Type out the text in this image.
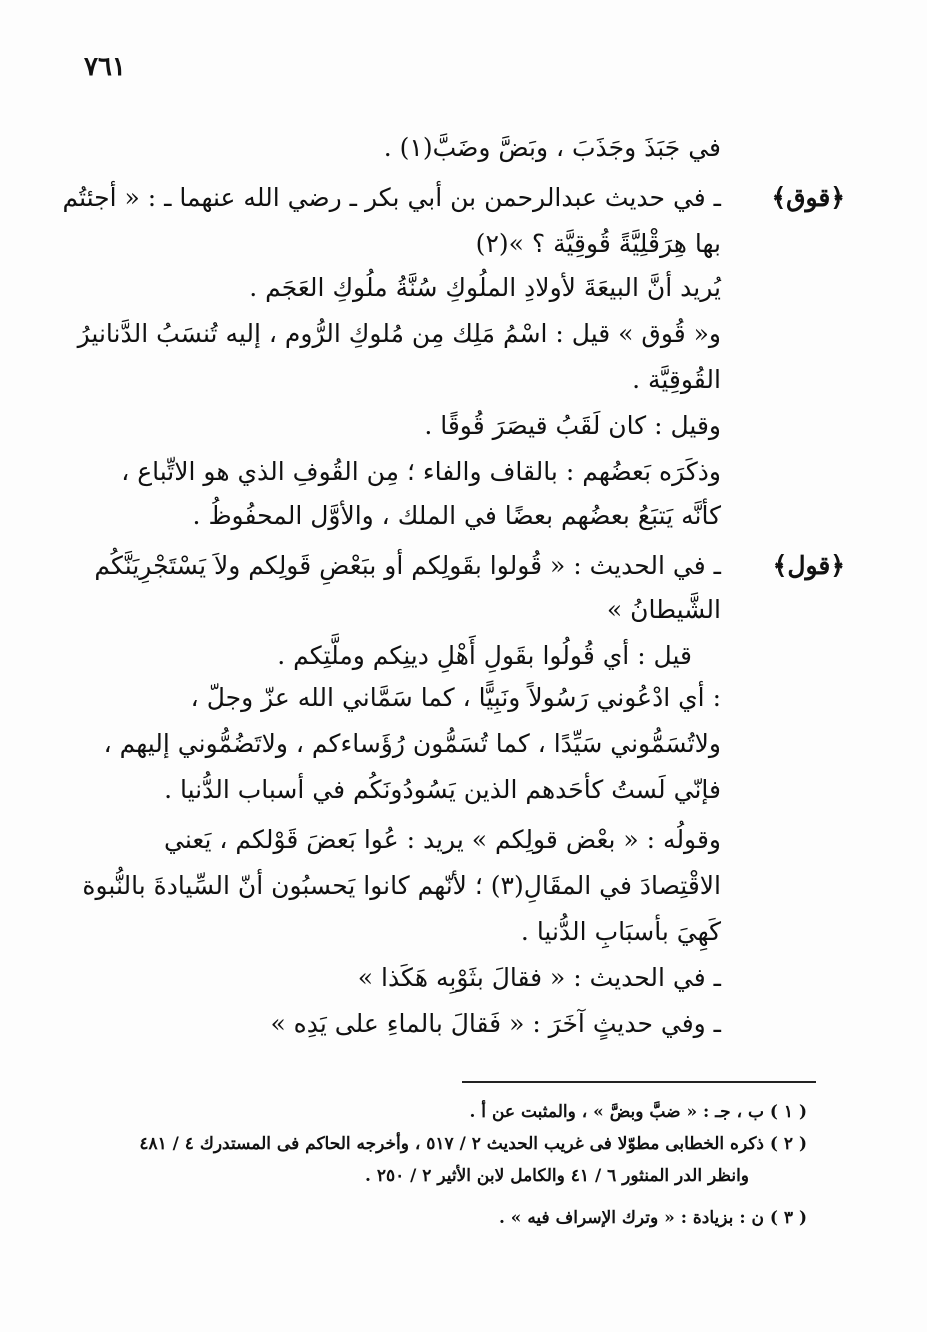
٧٦١
﴿قوق﴾
﴿قول﴾
في جَبَذَ وجَذَبَ ، وبَضَّ وضَبَّ(١) .
ـ في حديث عبدالرحمن بن أبي بكر ـ رضي الله عنهما ـ : « أجئتُم
بها هِرَقْلِيَّةً قُوقِيَّة ؟ »(٢)
يُريد أنَّ البيعَةَ لأولادِ الملُوكِ سُنَّةُ ملُوكِ العَجَم .
و« قُوق » قيل : اسْمُ مَلِك مِن مُلوكِ الرُّوم ، إليه تُنسَبُ الدَّنانيرُ
القُوقِيَّة .
وقيل : كان لَقَبُ قيصَرَ قُوقًا .
وذكَرَه بَعضُهم : بالقاف والفاء ؛ مِن القُوفِ الذي هو الاتِّباع ،
كأنَّه يَتبَعُ بعضُهم بعضًا في الملك ، والأوَّل المحفُوظُ .
ـ في الحديث : « قُولوا بقَولِكم أو ببَعْضِ قَولِكم ولاَ يَسْتَجْرِيَنَّكُم
الشَّيطانُ »
قيل : أي قُولُوا بقَولِ أَهْلِ دينِكم وملَّتِكم .
: أي ادْعُوني رَسُولاً ونَبِيًّا ، كما سَمَّاني الله عزّ وجلّ ،
ولاتُسَمُّوني سَيِّدًا ، كما تُسَمُّون رُؤَساءكم ، ولاتَضُمُّوني إليهم ،
فإنّي لَستُ كأحَدهم الذين يَسُودُونَكُم في أسباب الدُّنيا .
وقولُه : « بعْض قولِكم » يريد : عُوا بَعضَ قَوْلكم ، يَعني
الاقْتِصادَ في المقَالِ(٣) ؛ لأنّهم كانوا يَحسبُون أنّ السِّيادةَ بالنُّبوة
كَهِيَ بأسبَابِ الدُّنيا .
ـ في الحديث : « فقالَ بثَوْبِه هَكَذا »
ـ وفي حديثٍ آخَرَ : « فَقالَ بالماءِ على يَدِه »
( ١ ) ب ، جـ : « ضبَّ وبضَّ » ، والمثبت عن أ .
( ٢ ) ذكره الخطابى مطوّلا فى غريب الحديث ٢ / ٥١٧ ، وأخرجه الحاكم فى المستدرك ٤ / ٤٨١
وانظر الدر المنثور ٦ / ٤١ والكامل لابن الأثير ٢ / ٢٥٠ .
( ٣ ) ن : بزيادة : « وترك الإسراف فيه » .
